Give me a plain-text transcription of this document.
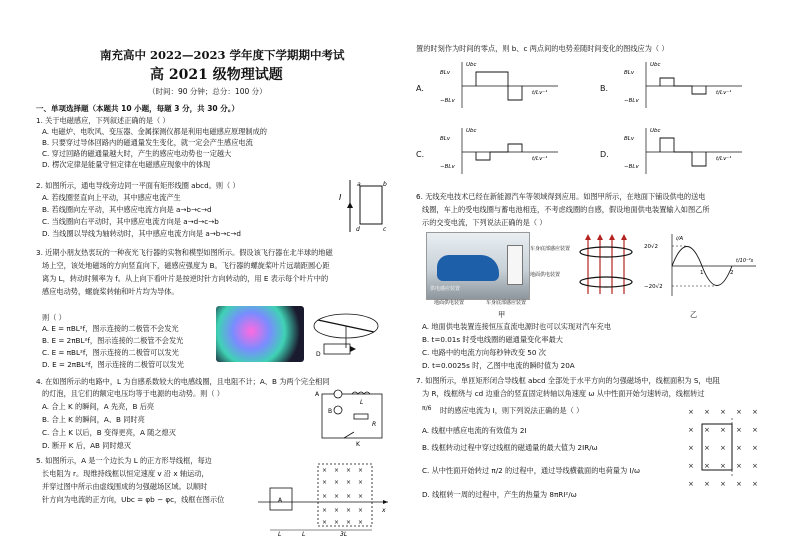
南充高中 2022—2023 学年度下学期期中考试
高 2021 级物理试题
（时间：90 分钟；总分：100 分）
一、单项选择题（本题共 10 小题，每题 3 分，共 30 分。）
1. 关于电磁感应，下列叙述正确的是（ ）
A. 电磁炉、电吹风、变压器、金属探测仪都是利用电磁感应原理制成的
B. 只要穿过导体回路内的磁通量发生变化，就一定会产生感应电流
C. 穿过回路的磁通量越大时，产生的感应电动势也一定越大
D. 楞次定律是能量守恒定律在电磁感应现象中的体现
2. 如图所示，通电导线旁边同一平面有矩形线圈 abcd。则（ ）
A. 若线圈竖直向上平动，其中感应电流产生
B. 若线圈向左平动，其中感应电流方向是 a→b→c→d
C. 当线圈向右平动时，其中感应电流方向是 a→d→c→b
D. 当线圈以导线为轴转动时，其中感应电流方向是 a→b→c→d
I
a	b
c
d
3. 近期小朋友热衷玩的一种夜光飞行器的实物和模型如图所示。假设该飞行器在北半球的地磁
场上空，该处地磁场的方向竖直向下，磁感应强度为 B。飞行器的螺旋桨叶片远端距圆心距
离为 L，转动时频率为 f。从上向下看叶片是按逆时针方向转动的，用 E 表示每个叶片中的
感应电动势，螺旋桨转轴和叶片均为导体。
则（ ）
A. E = πBL²f，图示连接的二极管不会发光
B. E = 2πBL²f，图示连接的二极管不会发光
C. E = πBL²f，图示连接的二极管可以发光
D. E = 2πBL²f，图示连接的二极管可以发光
D
4. 在如图所示的电路中，L 为自感系数较大的电感线圈，且电阻不计；A、B 为两个完全相同
的灯泡，且它们的额定电压均等于电源的电动势。则（ ）
A. 合上 K 的瞬间，A 先亮，B 后亮
B. 合上 K 的瞬间，A、B 同时亮
C. 合上 K 以后，B 变得更亮，A 随之熄灭
D. 断开 K 后，AB 同时熄灭
A
B
L
R
K
5. 如图所示，A 是一个边长为 L 的正方形导线框，每边
长电阻为 r。现维持线框以恒定速度 v 沿 x 轴运动，
并穿过图中所示由虚线围成的匀强磁场区域。以顺时
针方向为电流的正方向，Ubc = φb − φc，线框在图示位
× × × ×
× × × ×
× × × ×
× × × ×
× × × ×
A
L	L	3L
x
置的时刻作为时间的零点，则 b、c 两点间的电势差随时间变化的图线应为（ ）
A.	B.
C.	D.
BLv
−BLv
Ubc
t/Lv⁻¹
BLv
−BLv
Ubc
t/Lv⁻¹
BLv
−BLv
Ubc
t/Lv⁻¹
BLv
−BLv
Ubc
t/Lv⁻¹
6. 无线充电技术已经在新能源汽车等领域得到应用。如图甲所示，在地面下铺设供电的送电
线圈，车上的受电线圈与蓄电池相连，不考虑线圈的自感，假设地面供电装置输入如图乙所
示的交变电流，下列说法正确的是（ ）
车身底部感应装置
地面供电装置
地面供电装置	车身底部感应装置
供电感应装置
20√2
−20√2
i/A
1	2
t/10⁻²s
甲	乙
A. 地面供电装置连接恒压直流电源时也可以实现对汽车充电
B. t=0.01s 时受电线圈的磁通量变化率最大
C. 电路中的电流方向每秒钟改变 50 次
D. t=0.0025s 时，乙图中电流的瞬时值为 20A
7. 如图所示，单匝矩形闭合导线框 abcd 全部处于水平方向的匀强磁场中，线框面积为 S，电阻
为 R，线框绕与 cd 边重合的竖直固定转轴以角速度 ω 从中性面开始匀速转动，线框转过
π/6 时的感应电流为 I，则下列说法正确的是（ ）
A. 线框中感应电流的有效值为 2I
B. 线框转动过程中穿过线框的磁通量的最大值为 2IR/ω
C. 从中性面开始转过 π/2 的过程中，通过导线横截面的电荷量为 I/ω
D. 线框转一周的过程中，产生的热量为 8πRI²/ω
× × × × ×
× × × × ×
× × × × ×
× × × × ×
× × × × ×
